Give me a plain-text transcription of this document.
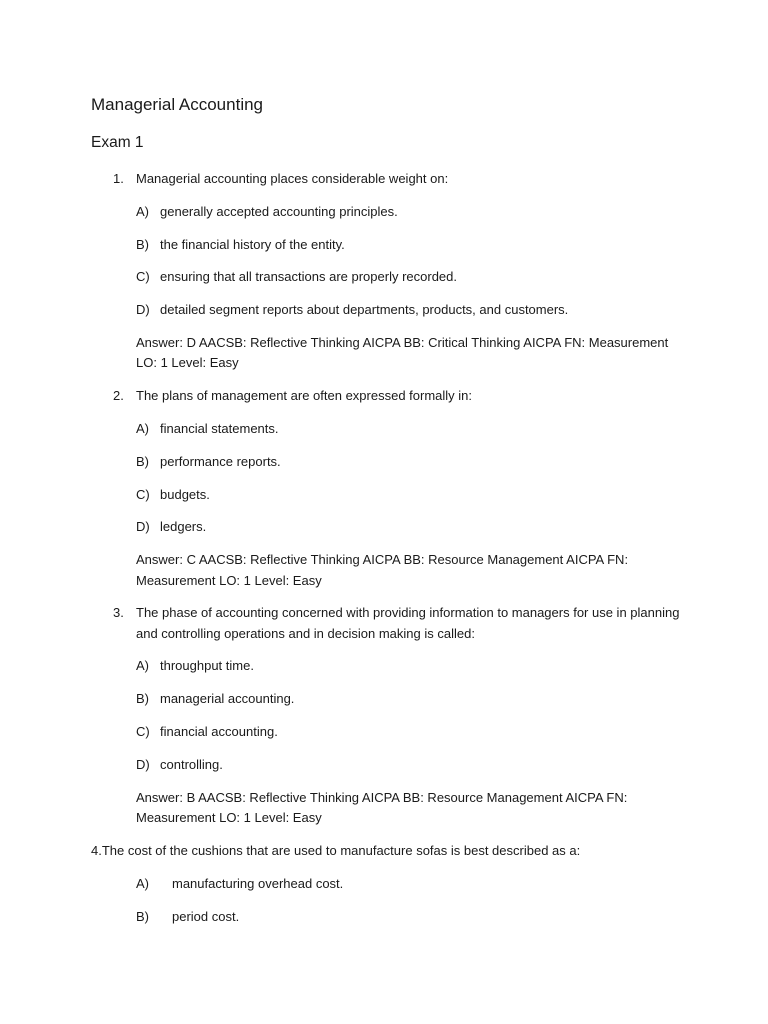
Managerial Accounting
Exam 1
1. Managerial accounting places considerable weight on:
A) generally accepted accounting principles.
B) the financial history of the entity.
C) ensuring that all transactions are properly recorded.
D) detailed segment reports about departments, products, and customers.
Answer: D AACSB: Reflective Thinking AICPA BB: Critical Thinking AICPA FN: Measurement
LO: 1 Level: Easy
2. The plans of management are often expressed formally in:
A) financial statements.
B) performance reports.
C) budgets.
D) ledgers.
Answer: C AACSB: Reflective Thinking AICPA BB: Resource Management AICPA FN:
Measurement LO: 1 Level: Easy
3. The phase of accounting concerned with providing information to managers for use in planning
and controlling operations and in decision making is called:
A) throughput time.
B) managerial accounting.
C) financial accounting.
D) controlling.
Answer: B AACSB: Reflective Thinking AICPA BB: Resource Management AICPA FN:
Measurement LO: 1 Level: Easy
4.The cost of the cushions that are used to manufacture sofas is best described as a:
A) manufacturing overhead cost.
B) period cost.
